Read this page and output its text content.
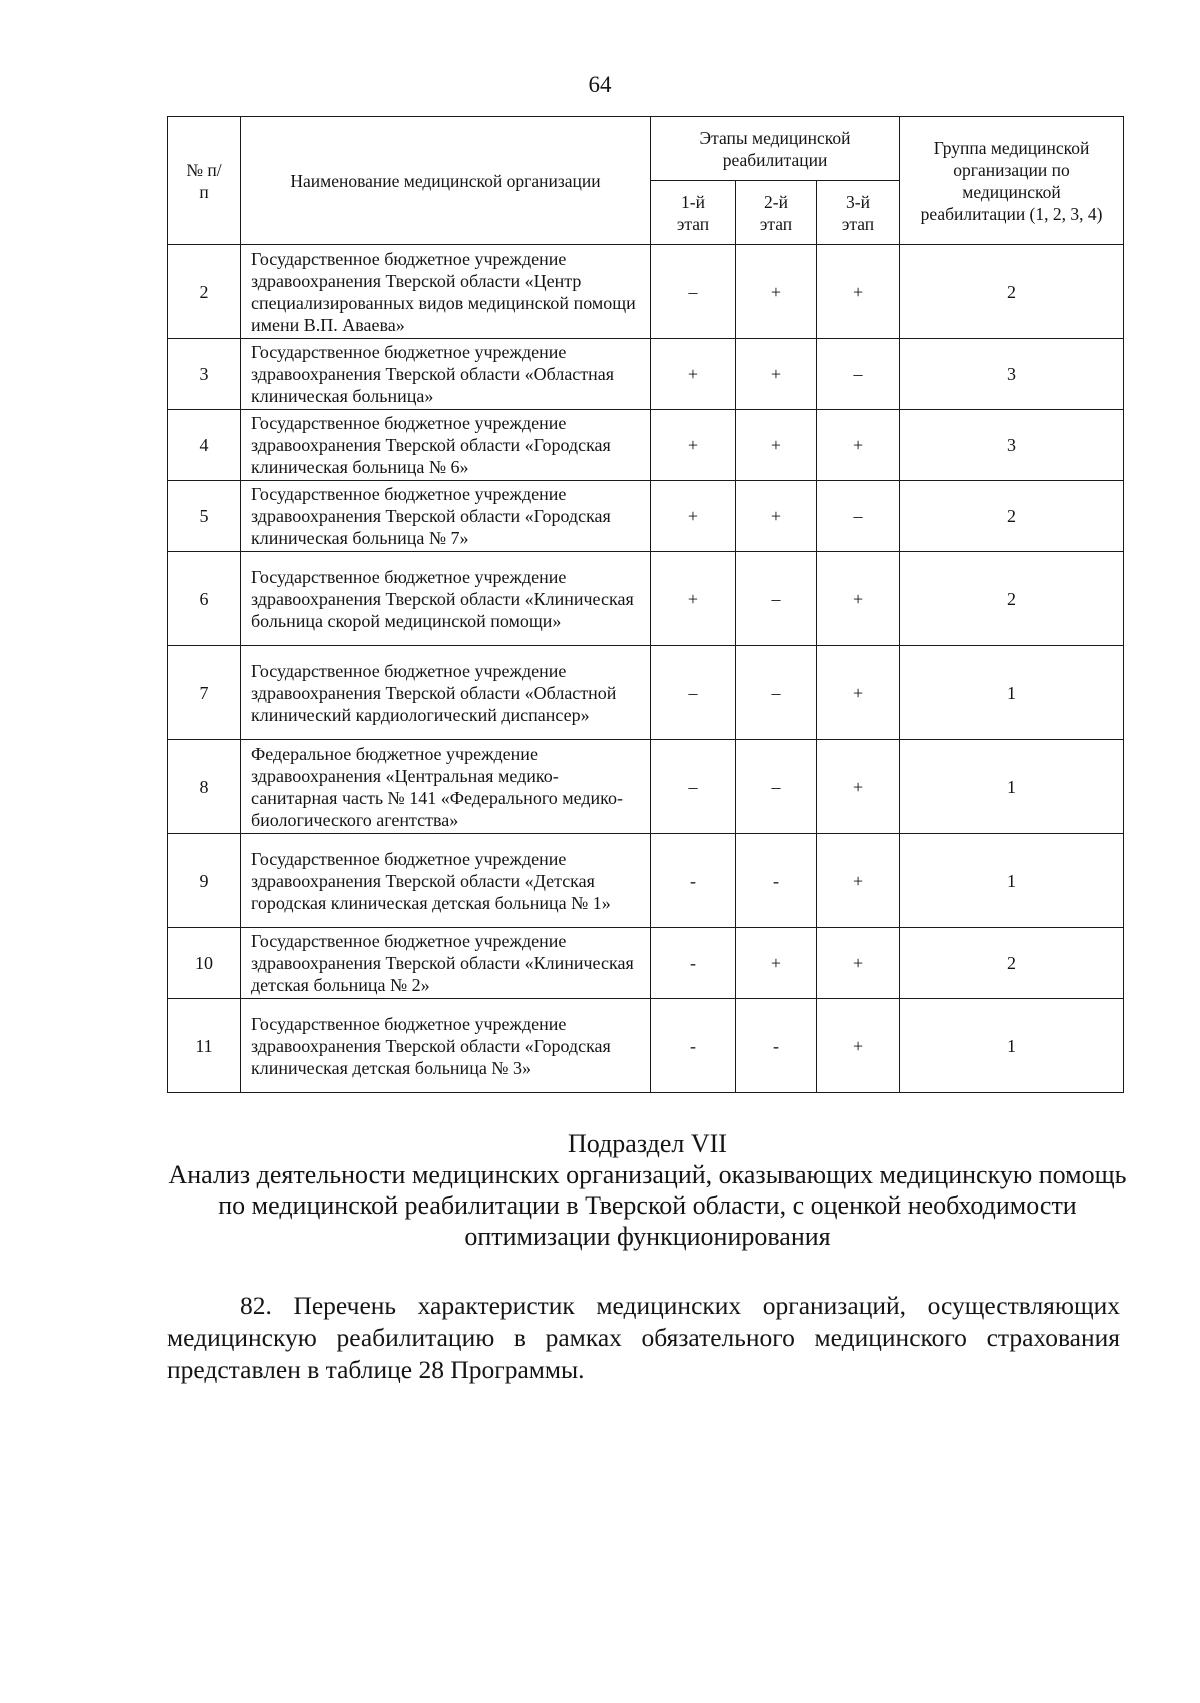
64
№ п/п	Наименование медицинской организации	Этапы медицинской реабилитации			Группа медицинской организации по медицинской реабилитации (1, 2, 3, 4)
		1-й этап	2-й этап	3-й этап	
2	Государственное бюджетное учреждение здравоохранения Тверской области «Центр специализированных видов медицинской помощи имени В.П. Аваева»	–	+	+	2
3	Государственное бюджетное учреждение здравоохранения Тверской области «Областная клиническая больница»	+	+	–	3
4	Государственное бюджетное учреждение здравоохранения Тверской области «Городская клиническая больница № 6»	+	+	+	3
5	Государственное бюджетное учреждение здравоохранения Тверской области «Городская клиническая больница № 7»	+	+	–	2
6	Государственное бюджетное учреждение здравоохранения Тверской области «Клиническая больница скорой медицинской помощи»	+	–	+	2
7	Государственное бюджетное учреждение здравоохранения Тверской области «Областной клинический кардиологический диспансер»	–	–	+	1
8	Федеральное бюджетное учреждение здравоохранения «Центральная медико-санитарная часть № 141 «Федерального медико-биологического агентства»	–	–	+	1
9	Государственное бюджетное учреждение здравоохранения Тверской области «Детская городская клиническая детская больница № 1»	-	-	+	1
10	Государственное бюджетное учреждение здравоохранения Тверской области «Клиническая детская больница № 2»	-	+	+	2
11	Государственное бюджетное учреждение здравоохранения Тверской области «Городская клиническая детская больница № 3»	-	-	+	1
Подраздел VII
Анализ деятельности медицинских организаций, оказывающих медицинскую помощь по медицинской реабилитации в Тверской области, с оценкой необходимости оптимизации функционирования

82. Перечень характеристик медицинских организаций, осуществляющих медицинскую реабилитацию в рамках обязательного медицинского страхования представлен в таблице 28 Программы.
